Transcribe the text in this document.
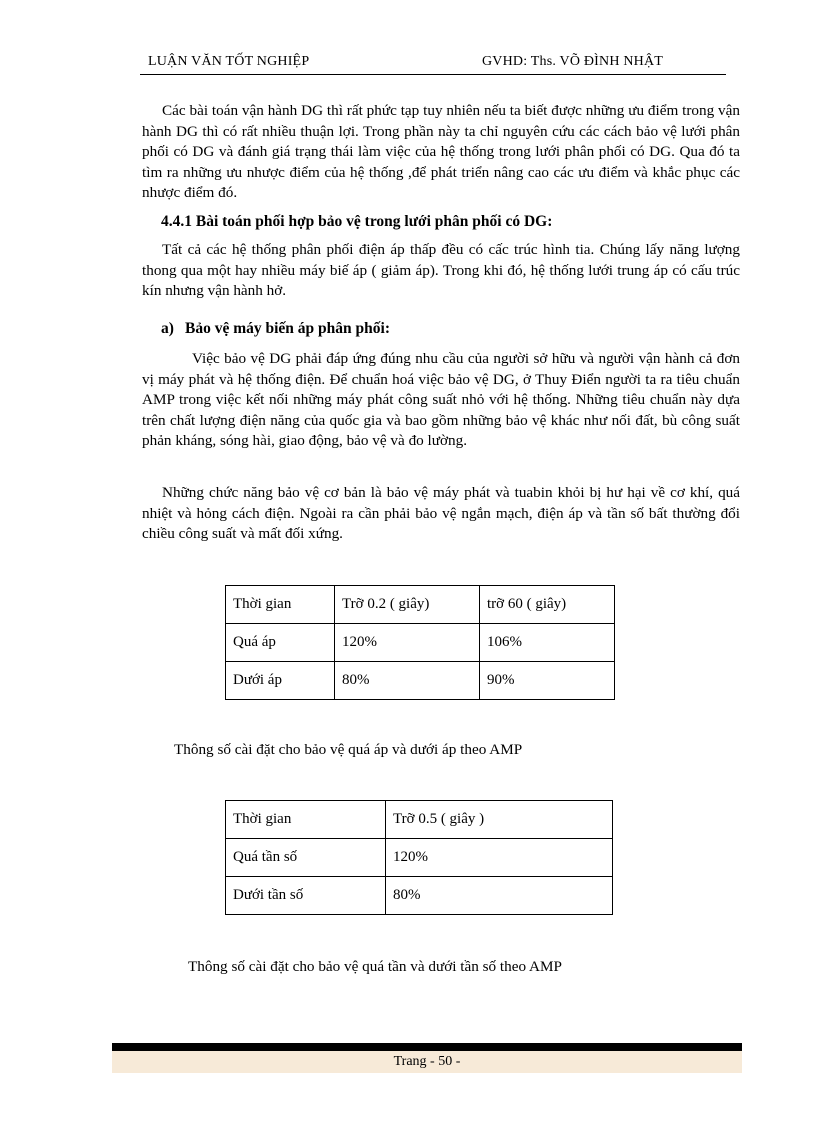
LUẬN VĂN TỐT NGHIỆP	GVHD: Ths. VÕ ĐÌNH NHẬT

Các bài toán vận hành DG thì rất phức tạp tuy nhiên nếu ta biết được những ưu điểm trong vận hành DG thì có rất nhiều thuận lợi. Trong phần này ta chỉ nguyên cứu các cách bảo vệ lưới phân phối có DG và đánh giá trạng thái làm việc của hệ thống trong lưới phân phối có DG. Qua đó ta tìm ra những ưu nhược điểm của hệ thống ,để phát triển nâng cao các ưu điểm và khắc phục các nhược điểm đó.

4.4.1 Bài toán phối hợp bảo vệ trong lưới phân phối có DG:

Tất cả các hệ thống phân phối điện áp thấp đều có cấc trúc hình tia. Chúng lấy năng lượng thong qua một hay nhiều máy biế áp ( giảm áp). Trong khi đó, hệ thống lưới trung áp có cấu trúc kín nhưng vận hành hở.

a) Bảo vệ máy biến áp phân phối:

Việc bảo vệ DG phải đáp ứng đúng nhu cầu của người sở hữu và người vận hành cả đơn vị máy phát và hệ thống điện. Để chuẩn hoá việc bảo vệ DG, ở Thuy Điển người ta ra tiêu chuẩn AMP trong việc kết nối những máy phát công suất nhỏ với hệ thống. Những tiêu chuẩn này dựa trên chất lượng điện năng của quốc gia và bao gồm những bảo vệ khác như nối đất, bù công suất phản kháng, sóng hài, giao động, bảo vệ và đo lường.

Những chức năng bảo vệ cơ bản là bảo vệ máy phát và tuabin khỏi bị hư hại về cơ khí, quá nhiệt và hỏng cách điện. Ngoài ra cần phải bảo vệ ngắn mạch, điện áp và tần số bất thường đổi chiều công suất và mất đối xứng.

Thời gian	Trỡ 0.2 ( giây)	trỡ 60 ( giây)
Quá áp	120%	106%
Dưới áp	80%	90%

Thông số cài đặt cho bảo vệ quá áp và dưới áp theo AMP

Thời gian	Trỡ 0.5 ( giây )
Quá tần số	120%
Dưới tần số	80%

Thông số cài đặt cho bảo vệ quá tần và dưới tần số theo AMP

Trang - 50 -
